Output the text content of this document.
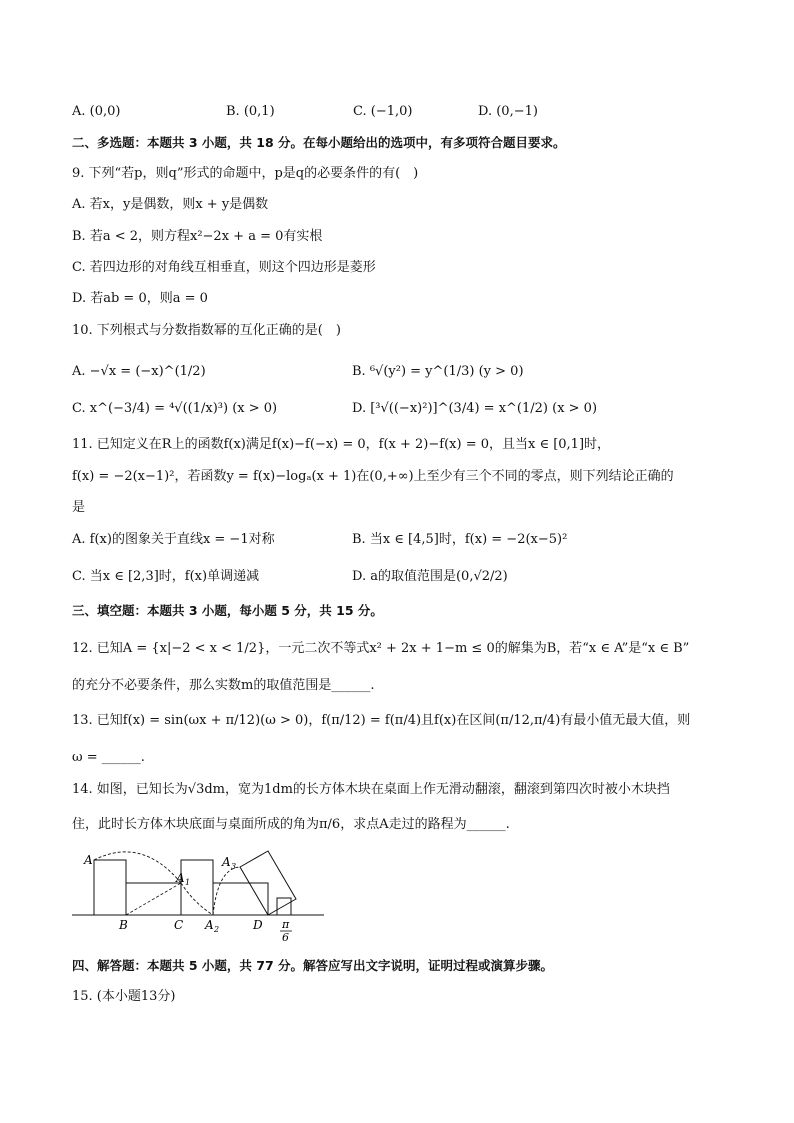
A. (0,0)	B. (0,1)	C. (−1,0)	D. (0,−1)
二、多选题：本题共 3 小题，共 18 分。在每小题给出的选项中，有多项符合题目要求。
9. 下列“若p，则q”形式的命题中，p是q的必要条件的有(　)
A. 若x，y是偶数，则x + y是偶数
B. 若a < 2，则方程x²−2x + a = 0有实根
C. 若四边形的对角线互相垂直，则这个四边形是菱形
D. 若ab = 0，则a = 0
10. 下列根式与分数指数幂的互化正确的是(　)
A. −√x = (−x)^(1/2)	B. ⁶√(y²) = y^(1/3) (y > 0)
C. x^(−3/4) = ⁴√((1/x)³) (x > 0)	D. [³√((−x)²)]^(3/4) = x^(1/2) (x > 0)
11. 已知定义在R上的函数f(x)满足f(x)−f(−x) = 0，f(x + 2)−f(x) = 0，且当x ∈ [0,1]时，
f(x) = −2(x−1)²，若函数y = f(x)−logₐ(x + 1)在(0,+∞)上至少有三个不同的零点，则下列结论正确的
是
A. f(x)的图象关于直线x = −1对称	B. 当x ∈ [4,5]时，f(x) = −2(x−5)²
C. 当x ∈ [2,3]时，f(x)单调递减	D. a的取值范围是(0,√2/2)
三、填空题：本题共 3 小题，每小题 5 分，共 15 分。
12. 已知A = {x|−2 < x < 1/2}，一元二次不等式x² + 2x + 1−m ≤ 0的解集为B，若“x ∈ A”是“x ∈ B”
的充分不必要条件，那么实数m的取值范围是______.
13. 已知f(x) = sin(ωx + π/12)(ω > 0)，f(π/12) = f(π/4)且f(x)在区间(π/12,π/4)有最小值无最大值，则
ω = ______.
14. 如图，已知长为√3dm，宽为1dm的长方体木块在桌面上作无滑动翻滚，翻滚到第四次时被小木块挡
住，此时长方体木块底面与桌面所成的角为π/6，求点A走过的路程为______.
A
A 1
A 3
B	C A 2	D π
6
四、解答题：本题共 5 小题，共 77 分。解答应写出文字说明，证明过程或演算步骤。
15. (本小题13分)
